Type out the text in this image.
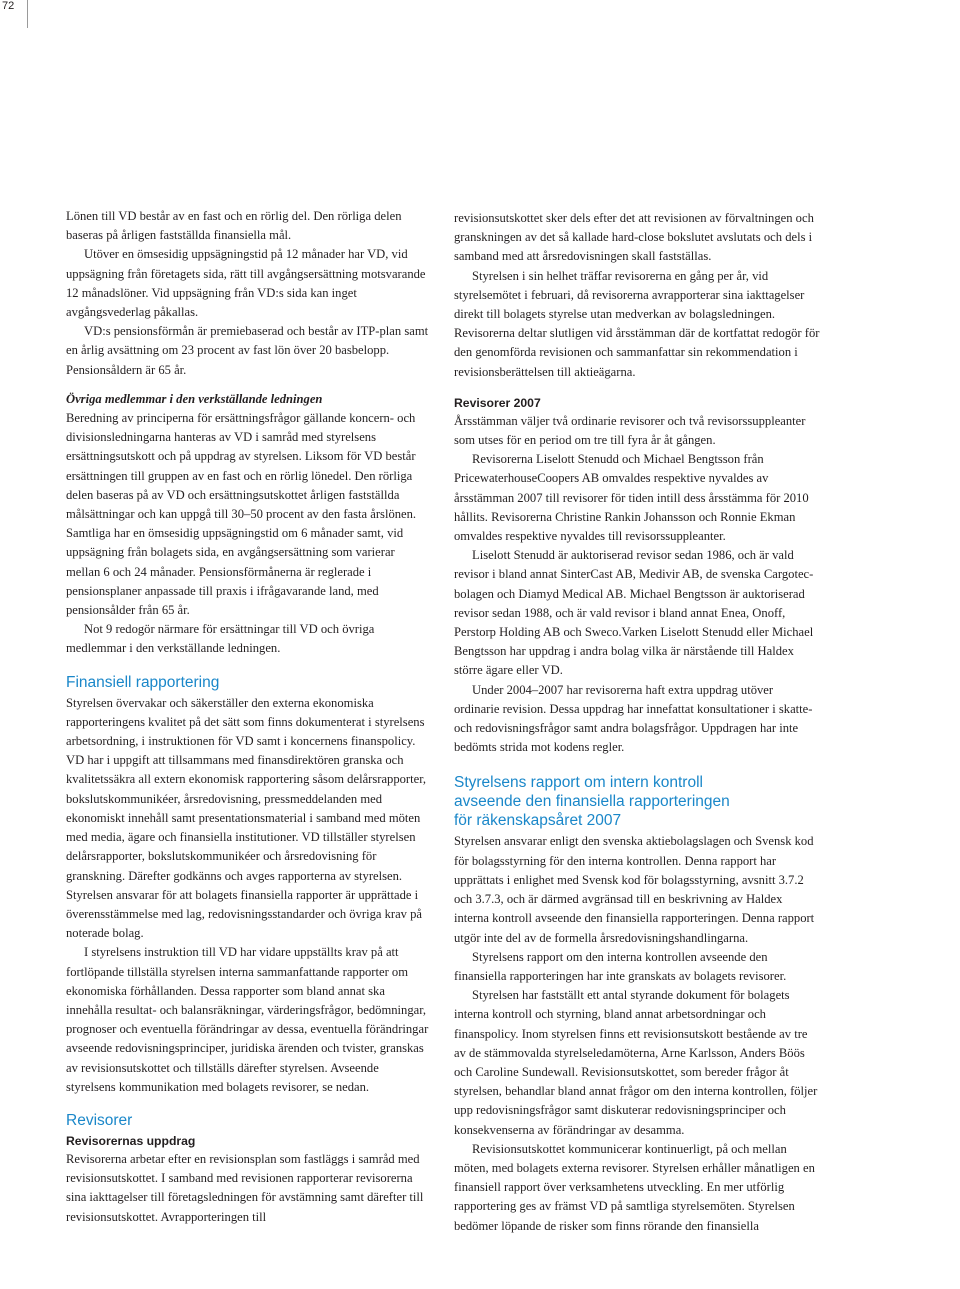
72

Lönen till VD består av en fast och en rörlig del. Den rörliga delen baseras på årligen fastställda finansiella mål.

Utöver en ömsesidig uppsägningstid på 12 månader har VD, vid uppsägning från företagets sida, rätt till avgångsersättning motsvarande 12 månadslöner. Vid uppsägning från VD:s sida kan inget avgångsvederlag påkallas.

VD:s pensionsförmån är premiebaserad och består av ITP-plan samt en årlig avsättning om 23 procent av fast lön över 20 basbelopp. Pensionsåldern är 65 år.

Övriga medlemmar i den verkställande ledningen

Beredning av principerna för ersättningsfrågor gällande koncern- och divisionsledningarna hanteras av VD i samråd med styrelsens ersättningsutskott och på uppdrag av styrelsen. Liksom för VD består ersättningen till gruppen av en fast och en rörlig lönedel. Den rörliga delen baseras på av VD och ersättningsutskottet årligen fastställda målsättningar och kan uppgå till 30–50 procent av den fasta årslönen. Samtliga har en ömsesidig uppsägningstid om 6 månader samt, vid uppsägning från bolagets sida, en avgångsersättning som varierar mellan 6 och 24 månader. Pensionsförmånerna är reglerade i pensionsplaner anpassade till praxis i ifrågavarande land, med pensionsålder från 65 år.

Not 9 redogör närmare för ersättningar till VD och övriga medlemmar i den verkställande ledningen.

Finansiell rapportering

Styrelsen övervakar och säkerställer den externa ekonomiska rapporteringens kvalitet på det sätt som finns dokumenterat i styrelsens arbetsordning, i instruktionen för VD samt i koncernens finanspolicy. VD har i uppgift att tillsammans med finansdirektören granska och kvalitetssäkra all extern ekonomisk rapportering såsom delårsrapporter, bokslutskommunikéer, årsredovisning, pressmeddelanden med ekonomiskt innehåll samt presentationsmaterial i samband med möten med media, ägare och finansiella institutioner. VD tillställer styrelsen delårsrapporter, bokslutskommunikéer och årsredovisning för granskning. Därefter godkänns och avges rapporterna av styrelsen. Styrelsen ansvarar för att bolagets finansiella rapporter är upprättade i överensstämmelse med lag, redovisningsstandarder och övriga krav på noterade bolag.

I styrelsens instruktion till VD har vidare uppställts krav på att fortlöpande tillställa styrelsen interna sammanfattande rapporter om ekonomiska förhållanden. Dessa rapporter som bland annat ska innehålla resultat- och balansräkningar, värderingsfrågor, bedömningar, prognoser och eventuella förändringar av dessa, eventuella förändringar avseende redovisningsprinciper, juridiska ärenden och tvister, granskas av revisionsutskottet och tillställs därefter styrelsen. Avseende styrelsens kommunikation med bolagets revisorer, se nedan.

Revisorer

Revisorernas uppdrag

Revisorerna arbetar efter en revisionsplan som fastläggs i samråd med revisionsutskottet. I samband med revisionen rapporterar revisorerna sina iakttagelser till företagsledningen för avstämning samt därefter till revisionsutskottet. Avrapporteringen till

revisionsutskottet sker dels efter det att revisionen av förvaltningen och granskningen av det så kallade hard-close bokslutet avslutats och dels i samband med att årsredovisningen skall fastställas.

Styrelsen i sin helhet träffar revisorerna en gång per år, vid styrelsemötet i februari, då revisorerna avrapporterar sina iakttagelser direkt till bolagets styrelse utan medverkan av bolagsledningen. Revisorerna deltar slutligen vid årsstämman där de kortfattat redogör för den genomförda revisionen och sammanfattar sin rekommendation i revisionsberättelsen till aktieägarna.

Revisorer 2007

Årsstämman väljer två ordinarie revisorer och två revisorssuppleanter som utses för en period om tre till fyra år åt gången.

Revisorerna Liselott Stenudd och Michael Bengtsson från PricewaterhouseCoopers AB omvaldes respektive nyvaldes av årsstämman 2007 till revisorer för tiden intill dess årsstämma för 2010 hållits. Revisorerna Christine Rankin Johansson och Ronnie Ekman omvaldes respektive nyvaldes till revisorssuppleanter.

Liselott Stenudd är auktoriserad revisor sedan 1986, och är vald revisor i bland annat SinterCast AB, Medivir AB, de svenska Cargotec-bolagen och Diamyd Medical AB. Michael Bengtsson är auktoriserad revisor sedan 1988, och är vald revisor i bland annat Enea, Onoff, Perstorp Holding AB och Sweco.Varken Liselott Stenudd eller Michael Bengtsson har uppdrag i andra bolag vilka är närstående till Haldex större ägare eller VD.

Under 2004–2007 har revisorerna haft extra uppdrag utöver ordinarie revision. Dessa uppdrag har innefattat konsultationer i skatte- och redovisningsfrågor samt andra bolagsfrågor. Uppdragen har inte bedömts strida mot kodens regler.

Styrelsens rapport om intern kontroll
avseende den finansiella rapporteringen
för räkenskapsåret 2007

Styrelsen ansvarar enligt den svenska aktiebolagslagen och Svensk kod för bolagsstyrning för den interna kontrollen. Denna rapport har upprättats i enlighet med Svensk kod för bolagsstyrning, avsnitt 3.7.2 och 3.7.3, och är därmed avgränsad till en beskrivning av Haldex interna kontroll avseende den finansiella rapporteringen. Denna rapport utgör inte del av de formella årsredovisningshandlingarna.

Styrelsens rapport om den interna kontrollen avseende den finansiella rapporteringen har inte granskats av bolagets revisorer.

Styrelsen har fastställt ett antal styrande dokument för bolagets interna kontroll och styrning, bland annat arbetsordningar och finanspolicy. Inom styrelsen finns ett revisionsutskott bestående av tre av de stämmovalda styrelseledamöterna, Arne Karlsson, Anders Böös och Caroline Sundewall. Revisionsutskottet, som bereder frågor åt styrelsen, behandlar bland annat frågor om den interna kontrollen, följer upp redovisningsfrågor samt diskuterar redovisningsprinciper och konsekvenserna av förändringar av desamma.

Revisionsutskottet kommunicerar kontinuerligt, på och mellan möten, med bolagets externa revisorer. Styrelsen erhåller månatligen en finansiell rapport över verksamhetens utveckling. En mer utförlig rapportering ges av främst VD på samtliga styrelsemöten. Styrelsen bedömer löpande de risker som finns rörande den finansiella
